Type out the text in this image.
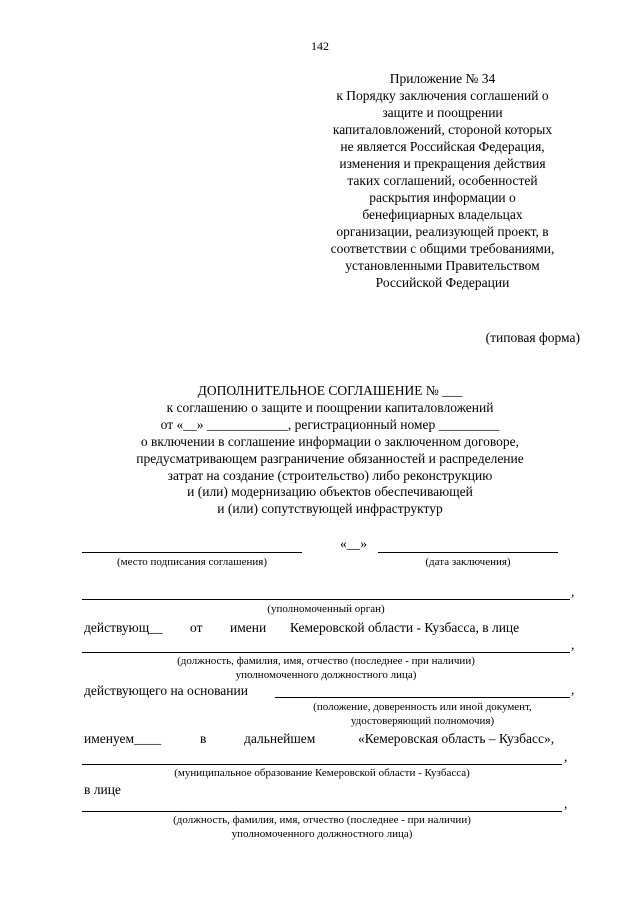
142
Приложение № 34
к Порядку заключения соглашений о
защите и поощрении
капиталовложений, стороной которых
не является Российская Федерация,
изменения и прекращения действия
таких соглашений, особенностей
раскрытия информации о
бенефициарных владельцах
организации, реализующей проект, в
соответствии с общими требованиями,
установленными Правительством
Российской Федерации
(типовая форма)
ДОПОЛНИТЕЛЬНОЕ СОГЛАШЕНИЕ № ___
к соглашению о защите и поощрении капиталовложений
от «__» ____________, регистрационный номер _________
о включении в соглашение информации о заключенном договоре,
предусматривающем разграничение обязанностей и распределение
затрат на создание (строительство) либо реконструкцию
и (или) модернизацию объектов обеспечивающей
и (или) сопутствующей инфраструктур
(место подписания соглашения)
«__»
(дата заключения)
,
(уполномоченный орган)
действующ__ от имени Кемеровской области - Кузбасса, в лице
,
(должность, фамилия, имя, отчество (последнее - при наличии)
уполномоченного должностного лица)
действующего на основании	,
(положение, доверенность или иной документ,
удостоверяющий полномочия)
именуем____	в	дальнейшем	«Кемеровская область – Кузбасс»,
,
(муниципальное образование Кемеровской области - Кузбасса)
в лице
,
(должность, фамилия, имя, отчество (последнее - при наличии)
уполномоченного должностного лица)
